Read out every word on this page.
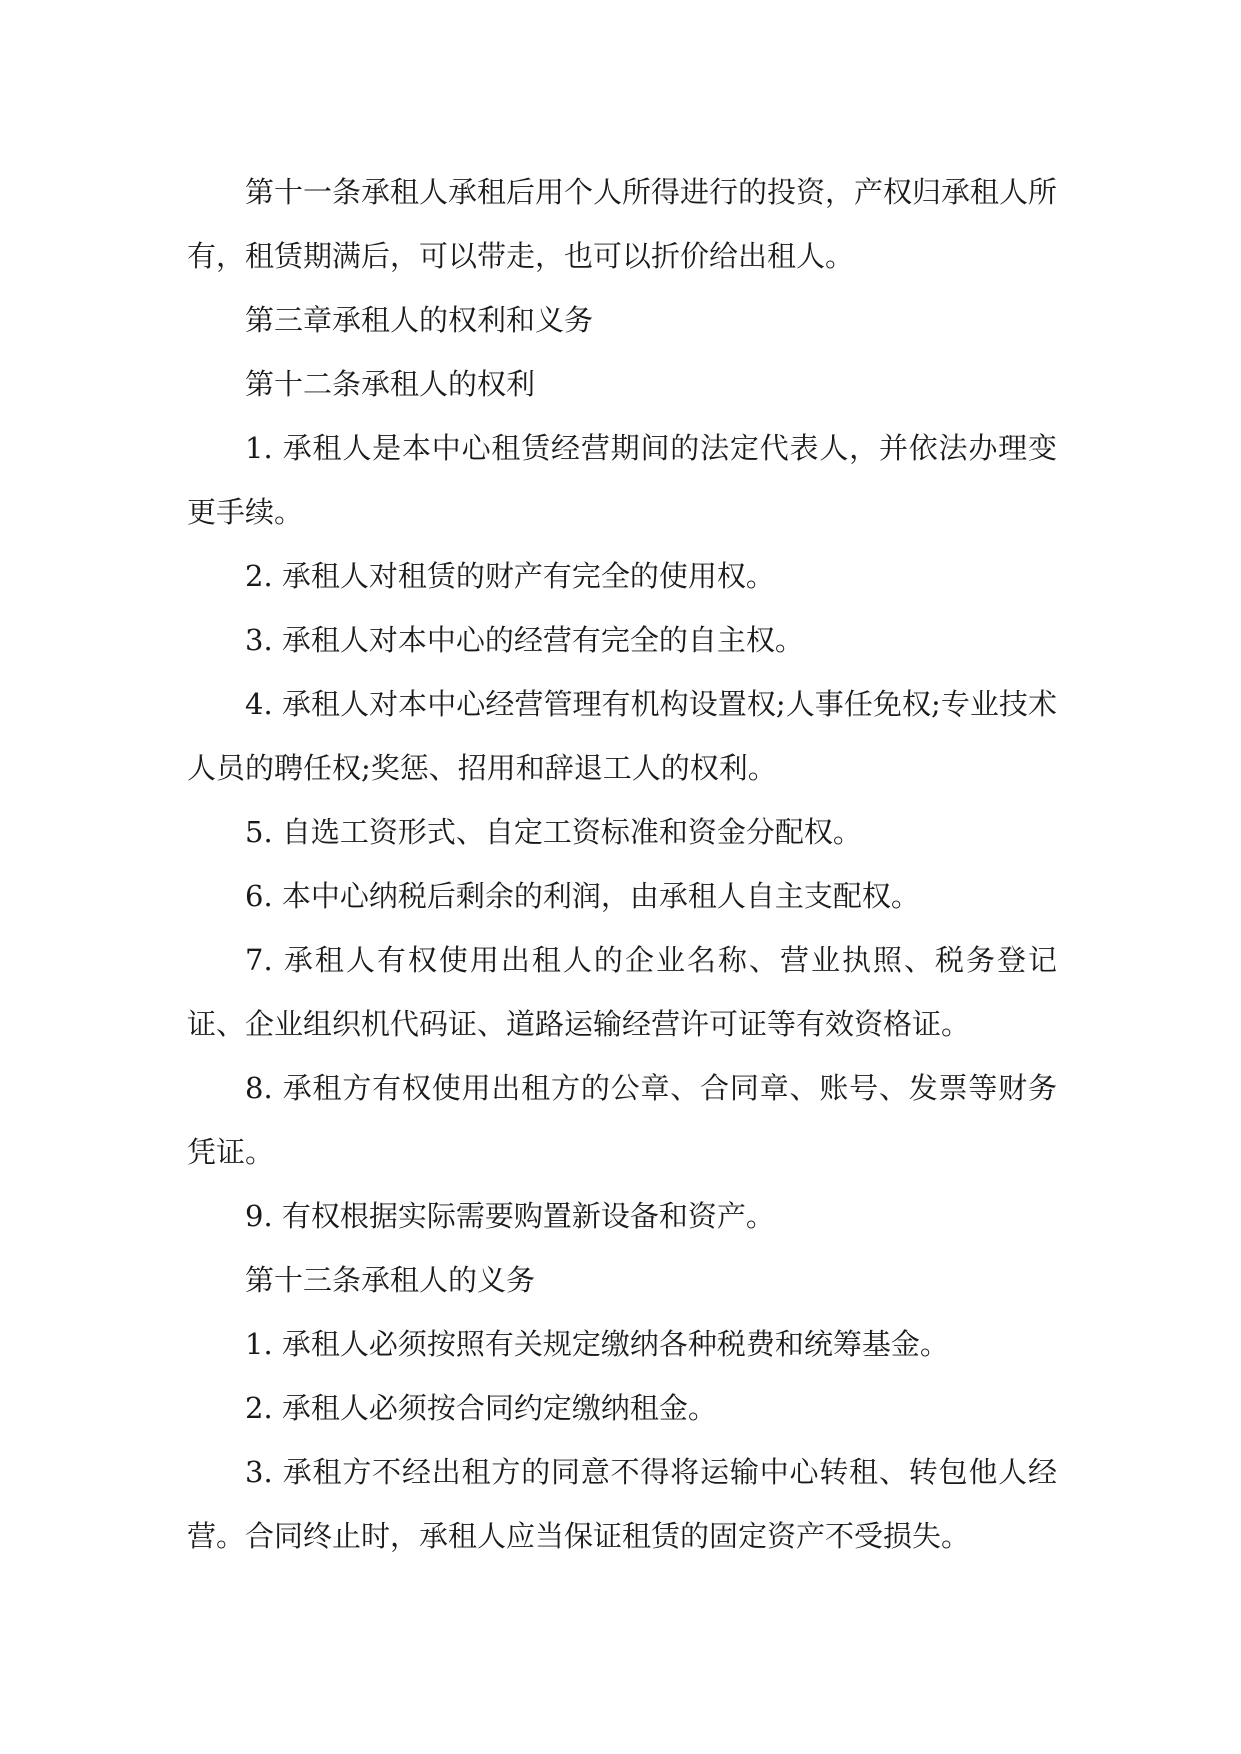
第十一条承租人承租后用个人所得进行的投资，产权归承租人所有，租赁期满后，可以带走，也可以折价给出租人。

第三章承租人的权利和义务

第十二条承租人的权利

1. 承租人是本中心租赁经营期间的法定代表人，并依法办理变更手续。

2. 承租人对租赁的财产有完全的使用权。

3. 承租人对本中心的经营有完全的自主权。

4. 承租人对本中心经营管理有机构设置权;人事任免权;专业技术人员的聘任权;奖惩、招用和辞退工人的权利。

5. 自选工资形式、自定工资标准和资金分配权。

6. 本中心纳税后剩余的利润，由承租人自主支配权。

7. 承租人有权使用出租人的企业名称、营业执照、税务登记证、企业组织机代码证、道路运输经营许可证等有效资格证。

8. 承租方有权使用出租方的公章、合同章、账号、发票等财务凭证。

9. 有权根据实际需要购置新设备和资产。

第十三条承租人的义务

1. 承租人必须按照有关规定缴纳各种税费和统筹基金。

2. 承租人必须按合同约定缴纳租金。

3. 承租方不经出租方的同意不得将运输中心转租、转包他人经营。合同终止时，承租人应当保证租赁的固定资产不受损失。
